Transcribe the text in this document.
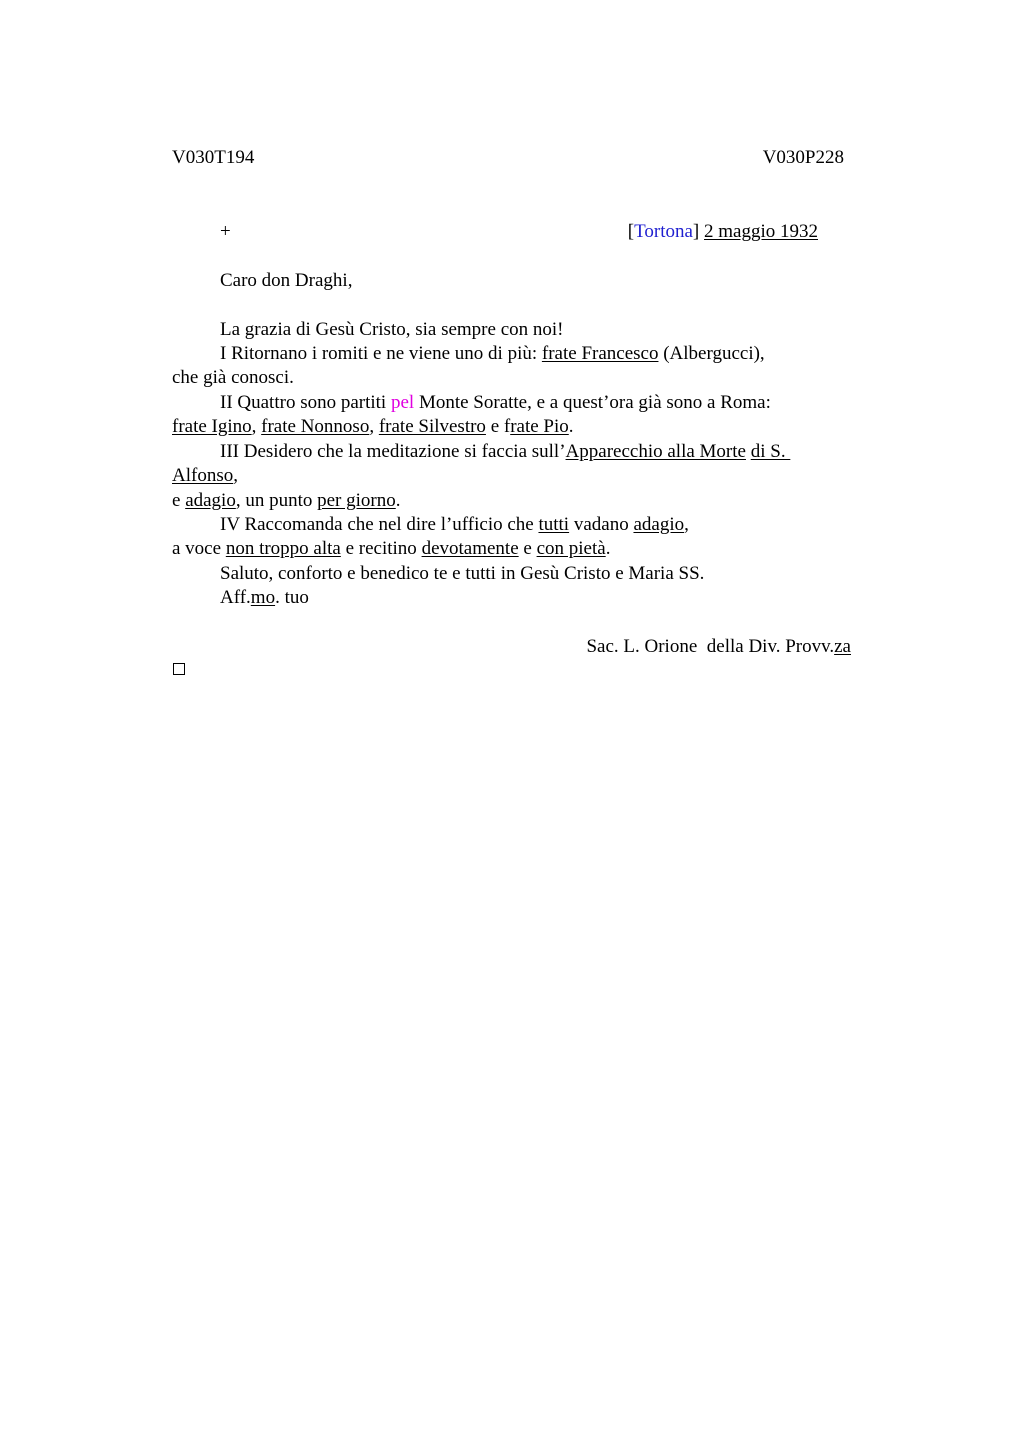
V030T194	V030P228
+	[Tortona] 2 maggio 1932
Caro don Draghi,
La grazia di Gesù Cristo, sia sempre con noi!
I Ritornano i romiti e ne viene uno di più: frate Francesco (Albergucci),
che già conosci.
II Quattro sono partiti pel Monte Soratte, e a quest’ora già sono a Roma:
frate Igino, frate Nonnoso, frate Silvestro e frate Pio.
III Desidero che la meditazione si faccia sull’Apparecchio alla Morte di S.
Alfonso,
e adagio, un punto per giorno.
IV Raccomanda che nel dire l’ufficio che tutti vadano adagio,
a voce non troppo alta e recitino devotamente e con pietà.
Saluto, conforto e benedico te e tutti in Gesù Cristo e Maria SS.
Aff.mo. tuo
Sac. L. Orione  della Div. Provv.za
